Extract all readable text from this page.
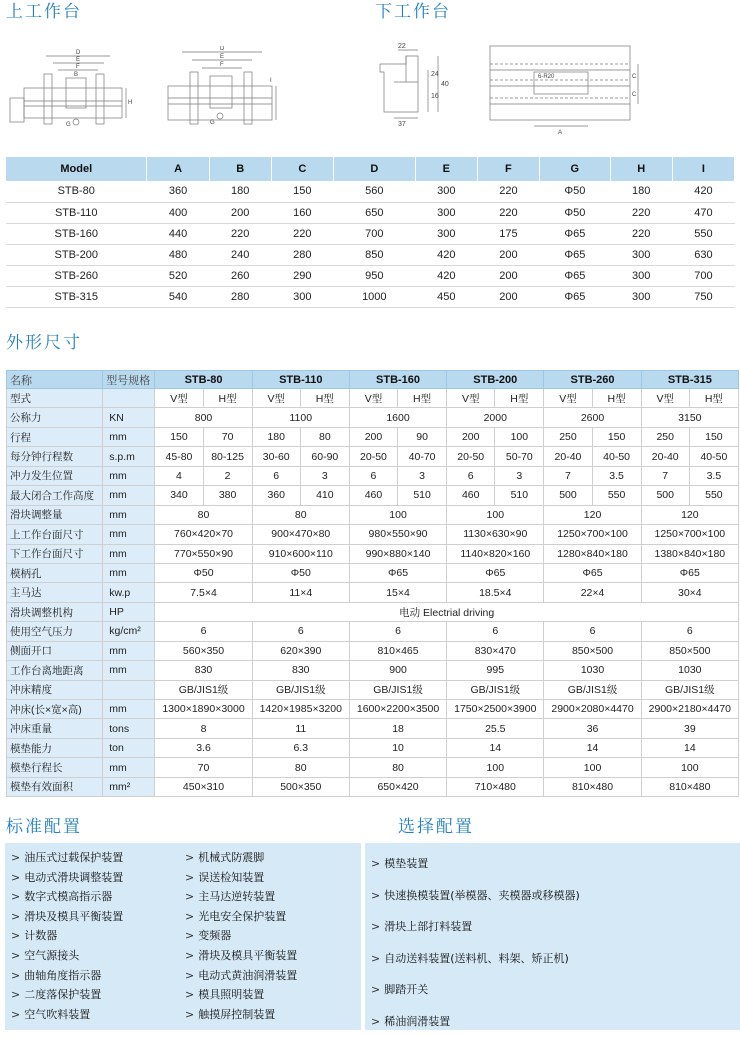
上工作台	下工作台
D
E
F
B
H
G
D
E
F
I
G
22
24
40
16
37
6-R20
A
C
C
Model	A	B	C	D	E	F	G	H	I
STB-80	360	180	150	560	300	220	Φ50	180	420
STB-110	400	200	160	650	300	220	Φ50	220	470
STB-160	440	220	220	700	300	175	Φ65	220	550
STB-200	480	240	280	850	420	200	Φ65	300	630
STB-260	520	260	290	950	420	200	Φ65	300	700
STB-315	540	280	300	1000	450	200	Φ65	300	750
外形尺寸
名称	型号规格	STB-80		STB-110		STB-160		STB-200		STB-260		STB-315	
型式		V型	H型	V型	H型	V型	H型	V型	H型	V型	H型	V型	H型
公称力	KN	800		1100		1600		2000		2600		3150	
行程	mm	150	70	180	80	200	90	200	100	250	150	250	150
每分钟行程数	s.p.m	45-80	80-125	30-60	60-90	20-50	40-70	20-50	50-70	20-40	40-50	20-40	40-50
冲力发生位置	mm	4	2	6	3	6	3	6	3	7	3.5	7	3.5
最大闭合工作高度	mm	340	380	360	410	460	510	460	510	500	550	500	550
滑块调整量	mm	80		80		100		100		120		120	
上工作台面尺寸	mm	760×420×70		900×470×80		980×550×90		1130×630×90		1250×700×100		1250×700×100	
下工作台面尺寸	mm	770×550×90		910×600×110		990×880×140		1140×820×160		1280×840×180		1380×840×180	
模柄孔	mm	Φ50		Φ50		Φ65		Φ65		Φ65		Φ65	
主马达	kw.p	7.5×4		11×4		15×4		18.5×4		22×4		30×4	
滑块调整机构	HP	电动 Electrial driving											
使用空气压力	kg/cm²	6		6		6		6		6		6	
侧面开口	mm	560×350		620×390		810×465		830×470		850×500		850×500	
工作台离地距离	mm	830		830		900		995		1030		1030	
冲床精度		GB/JIS1级		GB/JIS1级		GB/JIS1级		GB/JIS1级		GB/JIS1级		GB/JIS1级	
冲床(长×宽×高)	mm	1300×1890×3000		1420×1985×3200		1600×2200×3500		1750×2500×3900		2900×2080×4470		2900×2180×4470	
冲床重量	tons	8		11		18		25.5		36		39	
模垫能力	ton	3.6		6.3		10		14		14		14	
模垫行程长	mm	70		80		80		100		100		100	
模垫有效面积	mm²	450×310		500×350		650×420		710×480		810×480		810×480	
标准配置	选择配置
> 油压式过载保护装置
> 电动式滑块调整装置
> 数字式模高指示器
> 滑块及模具平衡装置
> 计数器
> 空气源接头
> 曲轴角度指示器
> 二度落保护装置
> 空气吹料装置
> 机械式防震脚
> 误送检知装置
> 主马达逆转装置
> 光电安全保护装置
> 变频器
> 滑块及模具平衡装置
> 电动式黄油润滑装置
> 模具照明装置
> 触摸屏控制装置
> 模垫装置
> 快速换模装置(举模器、夹模器或移模器)
> 滑块上部打料装置
> 自动送料装置(送料机、料架、矫正机)
> 脚踏开关
> 稀油润滑装置
